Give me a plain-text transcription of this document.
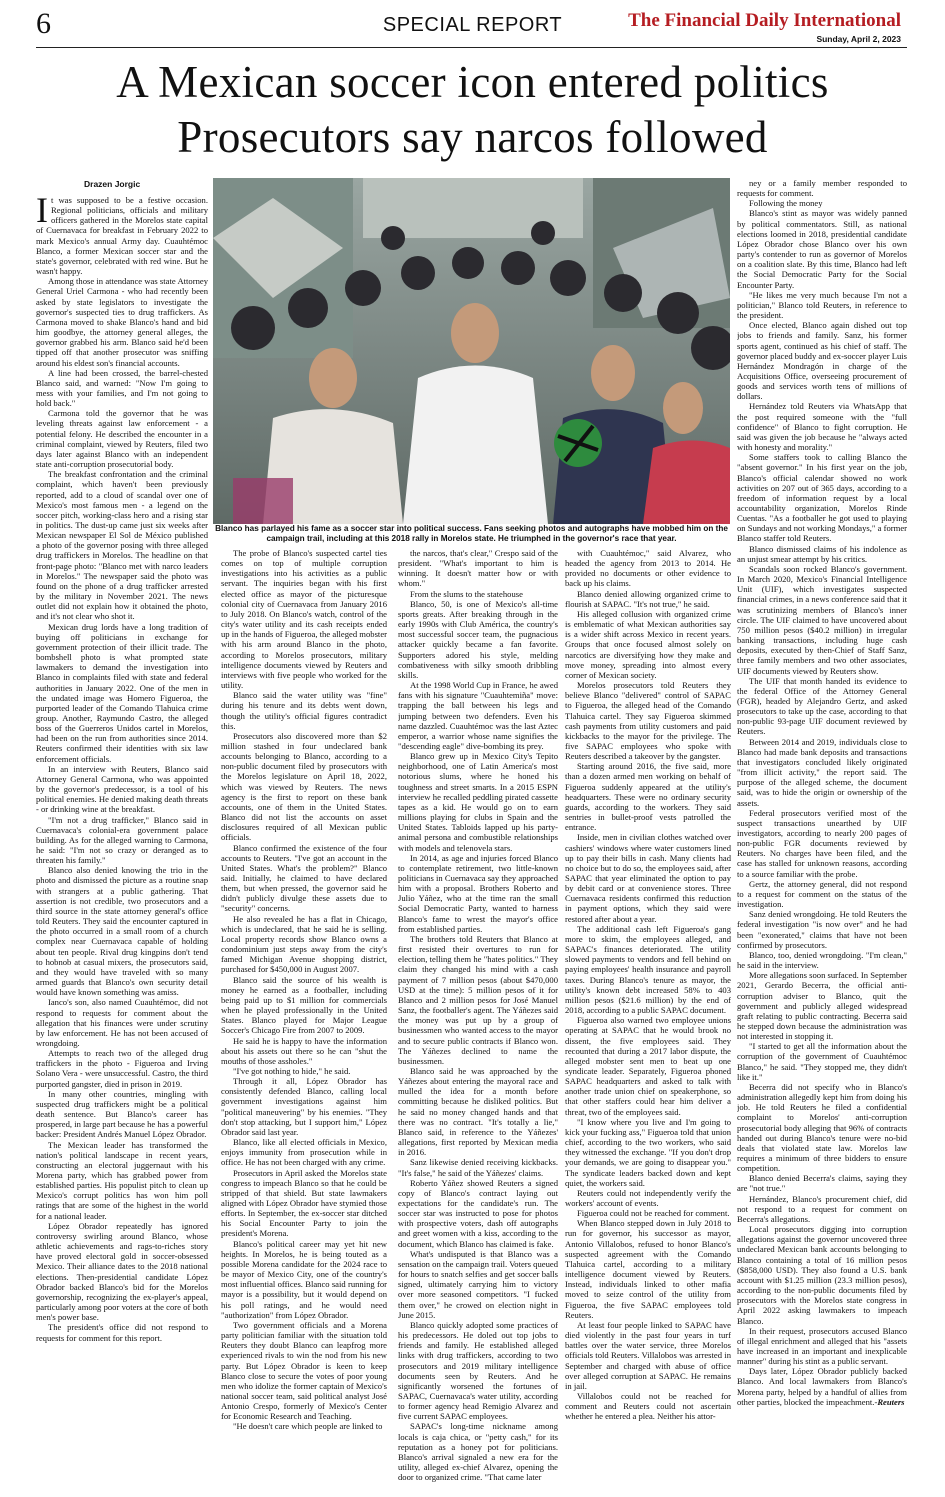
6	SPECIAL REPORT	The Financial Daily International
Sunday, April 2, 2023
A Mexican soccer icon entered politics
Prosecutors say narcos followed
Drazen Jorgic
Blanco has parlayed his fame as a soccer star into political success. Fans seeking photos and autographs have mobbed him on the campaign trail, including at this 2018 rally in Morelos state. He triumphed in the governor's race that year.

It was supposed to be a festive occasion. Regional politicians, officials and military officers gathered in the Morelos state capital of Cuernavaca for breakfast in February 2022 to mark Mexico's annual Army day. Cuauhtémoc Blanco, a former Mexican soccer star and the state's governor, celebrated with red wine. But he wasn't happy.

Among those in attendance was state Attorney General Uriel Carmona - who had recently been asked by state legislators to investigate the governor's suspected ties to drug traffickers. As Carmona moved to shake Blanco's hand and bid him goodbye, the attorney general alleges, the governor grabbed his arm. Blanco said he'd been tipped off that another prosecutor was sniffing around his eldest son's financial accounts.

A line had been crossed, the barrel-chested Blanco said, and warned: "Now I'm going to mess with your families, and I'm not going to hold back."

Carmona told the governor that he was leveling threats against law enforcement - a potential felony. He described the encounter in a criminal complaint, viewed by Reuters, filed two days later against Blanco with an independent state anti-corruption prosecutorial body.

The breakfast confrontation and the criminal complaint, which haven't been previously reported, add to a cloud of scandal over one of Mexico's most famous men - a legend on the soccer pitch, working-class hero and a rising star in politics. The dust-up came just six weeks after Mexican newspaper El Sol de México published a photo of the governor posing with three alleged drug traffickers in Morelos. The headline on that front-page photo: "Blanco met with narco leaders in Morelos." The newspaper said the photo was found on the phone of a drug trafficker arrested by the military in November 2021. The news outlet did not explain how it obtained the photo, and it's not clear who shot it.

Mexican drug lords have a long tradition of buying off politicians in exchange for government protection of their illicit trade. The bombshell photo is what prompted state lawmakers to demand the investigation into Blanco in complaints filed with state and federal authorities in January 2022. One of the men in the undated image was Homero Figueroa, the purported leader of the Comando Tlahuica crime group. Another, Raymundo Castro, the alleged boss of the Guerreros Unidos cartel in Morelos, had been on the run from authorities since 2014. Reuters confirmed their identities with six law enforcement officials.

In an interview with Reuters, Blanco said Attorney General Carmona, who was appointed by the governor's predecessor, is a tool of his political enemies. He denied making death threats - or drinking wine at the breakfast.

"I'm not a drug trafficker," Blanco said in Cuernavaca's colonial-era government palace building. As for the alleged warning to Carmona, he said: "I'm not so crazy or deranged as to threaten his family."

Blanco also denied knowing the trio in the photo and dismissed the picture as a routine snap with strangers at a public gathering. That assertion is not credible, two prosecutors and a third source in the state attorney general's office told Reuters. They said the encounter captured in the photo occurred in a small room of a church complex near Cuernavaca capable of holding about ten people. Rival drug kingpins don't tend to hobnob at casual mixers, the prosecutors said, and they would have traveled with so many armed guards that Blanco's own security detail would have known something was amiss.

Ianco's son, also named Cuauhtémoc, did not respond to requests for comment about the allegation that his finances were under scrutiny by law enforcement. He has not been accused of wrongdoing.

Attempts to reach two of the alleged drug traffickers in the photo - Figueroa and Irving Solano Vera - were unsuccessful. Castro, the third purported gangster, died in prison in 2019.

In many other countries, mingling with suspected drug traffickers might be a political death sentence. But Blanco's career has prospered, in large part because he has a powerful backer: President Andrés Manuel López Obrador.

The Mexican leader has transformed the nation's political landscape in recent years, constructing an electoral juggernaut with his Morena party, which has grabbed power from established parties. His populist pitch to clean up Mexico's corrupt politics has won him poll ratings that are some of the highest in the world for a national leader.

López Obrador repeatedly has ignored controversy swirling around Blanco, whose athletic achievements and rags-to-riches story have proved electoral gold in soccer-obsessed Mexico. Their alliance dates to the 2018 national elections. Then-presidential candidate López Obrador backed Blanco's bid for the Morelos governorship, recognizing the ex-player's appeal, particularly among poor voters at the core of both men's power base.

The president's office did not respond to requests for comment for this report.

The probe of Blanco's suspected cartel ties comes on top of multiple corruption investigations into his activities as a public servant. The inquiries began with his first elected office as mayor of the picturesque colonial city of Cuernavaca from January 2016 to July 2018. On Blanco's watch, control of the city's water utility and its cash receipts ended up in the hands of Figueroa, the alleged mobster with his arm around Blanco in the photo, according to Morelos prosecutors, military intelligence documents viewed by Reuters and interviews with five people who worked for the utility.

Blanco said the water utility was "fine" during his tenure and its debts went down, though the utility's official figures contradict this.

Prosecutors also discovered more than $2 million stashed in four undeclared bank accounts belonging to Blanco, according to a non-public document filed by prosecutors with the Morelos legislature on April 18, 2022, which was viewed by Reuters. The news agency is the first to report on these bank accounts, one of them in the United States. Blanco did not list the accounts on asset disclosures required of all Mexican public officials.

Blanco confirmed the existence of the four accounts to Reuters. "I've got an account in the United States. What's the problem?" Blanco said. Initially, he claimed to have declared them, but when pressed, the governor said he didn't publicly divulge these assets due to "security" concerns.

He also revealed he has a flat in Chicago, which is undeclared, that he said he is selling. Local property records show Blanco owns a condominium just steps away from the city's famed Michigan Avenue shopping district, purchased for $450,000 in August 2007.

Blanco said the source of his wealth is money he earned as a footballer, including being paid up to $1 million for commercials when he played professionally in the United States. Blanco played for Major League Soccer's Chicago Fire from 2007 to 2009.

He said he is happy to have the information about his assets out there so he can "shut the mouths of those assholes."

"I've got nothing to hide," he said.

Through it all, López Obrador has consistently defended Blanco, calling local government investigations against him "political maneuvering" by his enemies. "They don't stop attacking, but I support him," López Obrador said last year.

Blanco, like all elected officials in Mexico, enjoys immunity from prosecution while in office. He has not been charged with any crime.

Prosecutors in April asked the Morelos state congress to impeach Blanco so that he could be stripped of that shield. But state lawmakers aligned with López Obrador have stymied those efforts. In September, the ex-soccer star ditched his Social Encounter Party to join the president's Morena.

Blanco's political career may yet hit new heights. In Morelos, he is being touted as a possible Morena candidate for the 2024 race to be mayor of Mexico City, one of the country's most influential offices. Blanco said running for mayor is a possibility, but it would depend on his poll ratings, and he would need "authorization" from López Obrador.

Two government officials and a Morena party politician familiar with the situation told Reuters they doubt Blanco can leapfrog more experienced rivals to win the nod from his new party. But López Obrador is keen to keep Blanco close to secure the votes of poor young men who idolize the former captain of Mexico's national soccer team, said political analyst José Antonio Crespo, formerly of Mexico's Center for Economic Research and Teaching.

"He doesn't care which people are linked to

the narcos, that's clear," Crespo said of the president. "What's important to him is winning. It doesn't matter how or with whom."

From the slums to the statehouse

Blanco, 50, is one of Mexico's all-time sports greats. After breaking through in the early 1990s with Club América, the country's most successful soccer team, the pugnacious attacker quickly became a fan favorite. Supporters adored his style, melding combativeness with silky smooth dribbling skills.

At the 1998 World Cup in France, he awed fans with his signature "Cuauhtemiña" move: trapping the ball between his legs and jumping between two defenders. Even his name dazzled. Cuauhtémoc was the last Aztec emperor, a warrior whose name signifies the "descending eagle" dive-bombing its prey.

Blanco grew up in Mexico City's Tepito neighborhood, one of Latin America's most notorious slums, where he honed his toughness and street smarts. In a 2015 ESPN interview he recalled peddling pirated cassette tapes as a kid. He would go on to earn millions playing for clubs in Spain and the United States. Tabloids lapped up his party-animal persona and combustible relationships with models and telenovela stars.

In 2014, as age and injuries forced Blanco to contemplate retirement, two little-known politicians in Cuernavaca say they approached him with a proposal. Brothers Roberto and Julio Yáñez, who at the time ran the small Social Democratic Party, wanted to harness Blanco's fame to wrest the mayor's office from established parties.

The brothers told Reuters that Blanco at first resisted their overtures to run for election, telling them he "hates politics." They claim they changed his mind with a cash payment of 7 million pesos (about $470,000 USD at the time): 5 million pesos of it for Blanco and 2 million pesos for José Manuel Sanz, the footballer's agent. The Yáñezes said the money was put up by a group of businessmen who wanted access to the mayor and to secure public contracts if Blanco won. The Yáñezes declined to name the businessmen.

Blanco said he was approached by the Yáñezes about entering the mayoral race and mulled the idea for a month before committing because he disliked politics. But he said no money changed hands and that there was no contract. "It's totally a lie," Blanco said, in reference to the Yáñezes' allegations, first reported by Mexican media in 2016.

Sanz likewise denied receiving kickbacks. "It's false," he said of the Yáñezes' claims.

Roberto Yáñez showed Reuters a signed copy of Blanco's contract laying out expectations for the candidate's run. The soccer star was instructed to pose for photos with prospective voters, dash off autographs and greet women with a kiss, according to the document, which Blanco has claimed is fake.

What's undisputed is that Blanco was a sensation on the campaign trail. Voters queued for hours to snatch selfies and get soccer balls signed, ultimately carrying him to victory over more seasoned competitors. "I fucked them over," he crowed on election night in June 2015.

Blanco quickly adopted some practices of his predecessors. He doled out top jobs to friends and family. He established alleged links with drug traffickers, according to two prosecutors and 2019 military intelligence documents seen by Reuters. And he significantly worsened the fortunes of SAPAC, Cuernavaca's water utility, according to former agency head Remigio Alvarez and five current SAPAC employees.

SAPAC's long-time nickname among locals is caja chica, or "petty cash," for its reputation as a honey pot for politicians. Blanco's arrival signaled a new era for the utility, alleged ex-chief Alvarez, opening the door to organized crime. "That came later

with Cuauhtémoc," said Alvarez, who headed the agency from 2013 to 2014. He provided no documents or other evidence to back up his claims.

Blanco denied allowing organized crime to flourish at SAPAC. "It's not true," he said.

His alleged collusion with organized crime is emblematic of what Mexican authorities say is a wider shift across Mexico in recent years. Groups that once focused almost solely on narcotics are diversifying how they make and move money, spreading into almost every corner of Mexican society.

Morelos prosecutors told Reuters they believe Blanco "delivered" control of SAPAC to Figueroa, the alleged head of the Comando Tlahuica cartel. They say Figueroa skimmed cash payments from utility customers and paid kickbacks to the mayor for the privilege. The five SAPAC employees who spoke with Reuters described a takeover by the gangster.

Starting around 2016, the five said, more than a dozen armed men working on behalf of Figueroa suddenly appeared at the utility's headquarters. These were no ordinary security guards, according to the workers. They said sentries in bullet-proof vests patrolled the entrance.

Inside, men in civilian clothes watched over cashiers' windows where water customers lined up to pay their bills in cash. Many clients had no choice but to do so, the employees said, after SAPAC that year eliminated the option to pay by debit card or at convenience stores. Three Cuernavaca residents confirmed this reduction in payment options, which they said were restored after about a year.

The additional cash left Figueroa's gang more to skim, the employees alleged, and SAPAC's finances deteriorated. The utility slowed payments to vendors and fell behind on paying employees' health insurance and payroll taxes. During Blanco's tenure as mayor, the utility's known debt increased 58% to 403 million pesos ($21.6 million) by the end of 2018, according to a public SAPAC document.

Figueroa also warned two employee unions operating at SAPAC that he would brook no dissent, the five employees said. They recounted that during a 2017 labor dispute, the alleged mobster sent men to beat up one syndicate leader. Separately, Figueroa phoned SAPAC headquarters and asked to talk with another trade union chief on speakerphone, so that other staffers could hear him deliver a threat, two of the employees said.

"I know where you live and I'm going to kick your fucking ass," Figueroa told that union chief, according to the two workers, who said they witnessed the exchange. "If you don't drop your demands, we are going to disappear you." The syndicate leaders backed down and kept quiet, the workers said.

Reuters could not independently verify the workers' account of events.

Figueroa could not be reached for comment.

When Blanco stepped down in July 2018 to run for governor, his successor as mayor, Antonio Villalobos, refused to honor Blanco's suspected agreement with the Comando Tlahuica cartel, according to a military intelligence document viewed by Reuters. Instead, individuals linked to other mafia moved to seize control of the utility from Figueroa, the five SAPAC employees told Reuters.

At least four people linked to SAPAC have died violently in the past four years in turf battles over the water service, three Morelos officials told Reuters. Villalobos was arrested in September and charged with abuse of office over alleged corruption at SAPAC. He remains in jail.

Villalobos could not be reached for comment and Reuters could not ascertain whether he entered a plea. Neither his attor-

ney or a family member responded to requests for comment.

Following the money

Blanco's stint as mayor was widely panned by political commentators. Still, as national elections loomed in 2018, presidential candidate López Obrador chose Blanco over his own party's contender to run as governor of Morelos on a coalition slate. By this time, Blanco had left the Social Democratic Party for the Social Encounter Party.

"He likes me very much because I'm not a politician," Blanco told Reuters, in reference to the president.

Once elected, Blanco again dished out top jobs to friends and family. Sanz, his former sports agent, continued as his chief of staff. The governor placed buddy and ex-soccer player Luis Hernández Mondragón in charge of the Acquisitions Office, overseeing procurement of goods and services worth tens of millions of dollars.

Hernández told Reuters via WhatsApp that the post required someone with the "full confidence" of Blanco to fight corruption. He said was given the job because he "always acted with honesty and morality."

Some staffers took to calling Blanco the "absent governor." In his first year on the job, Blanco's official calendar showed no work activities on 207 out of 365 days, according to a freedom of information request by a local accountability organization, Morelos Rinde Cuentas. "As a footballer he got used to playing on Sundays and not working Mondays," a former Blanco staffer told Reuters.

Blanco dismissed claims of his indolence as an unjust smear attempt by his critics.

Scandals soon rocked Blanco's government. In March 2020, Mexico's Financial Intelligence Unit (UIF), which investigates suspected financial crimes, in a news conference said that it was scrutinizing members of Blanco's inner circle. The UIF claimed to have uncovered about 750 million pesos ($40.2 million) in irregular banking transactions, including huge cash deposits, executed by then-Chief of Staff Sanz, three family members and two other associates, UIF documents viewed by Reuters show.

The UIF that month handed its evidence to the federal Office of the Attorney General (FGR), headed by Alejandro Gertz, and asked prosecutors to take up the case, according to that non-public 93-page UIF document reviewed by Reuters.

Between 2014 and 2019, individuals close to Blanco had made bank deposits and transactions that investigators concluded likely originated "from illicit activity," the report said. The purpose of the alleged scheme, the document said, was to hide the origin or ownership of the assets.

Federal prosecutors verified most of the suspect transactions unearthed by UIF investigators, according to nearly 200 pages of non-public FGR documents reviewed by Reuters. No charges have been filed, and the case has stalled for unknown reasons, according to a source familiar with the probe.

Gertz, the attorney general, did not respond to a request for comment on the status of the investigation.

Sanz denied wrongdoing. He told Reuters the federal investigation "is now over" and he had been "exonerated," claims that have not been confirmed by prosecutors.

Blanco, too, denied wrongdoing. "I'm clean," he said in the interview.

More allegations soon surfaced. In September 2021, Gerardo Becerra, the official anti-corruption adviser to Blanco, quit the government and publicly alleged widespread graft relating to public contracting. Becerra said he stepped down because the administration was not interested in stopping it.

"I started to get all the information about the corruption of the government of Cuauhtémoc Blanco," he said. "They stopped me, they didn't like it."

Becerra did not specify who in Blanco's administration allegedly kept him from doing his job. He told Reuters he filed a confidential complaint to Morelos' anti-corruption prosecutorial body alleging that 96% of contracts handed out during Blanco's tenure were no-bid deals that violated state law. Morelos law requires a minimum of three bidders to ensure competition.

Blanco denied Becerra's claims, saying they are "not true."

Hernández, Blanco's procurement chief, did not respond to a request for comment on Becerra's allegations.

Local prosecutors digging into corruption allegations against the governor uncovered three undeclared Mexican bank accounts belonging to Blanco containing a total of 16 million pesos ($858,000 USD). They also found a U.S. bank account with $1.25 million (23.3 million pesos), according to the non-public documents filed by prosecutors with the Morelos state congress in April 2022 asking lawmakers to impeach Blanco.

In their request, prosecutors accused Blanco of illegal enrichment and alleged that his "assets have increased in an important and inexplicable manner" during his stint as a public servant.

Days later, López Obrador publicly backed Blanco. And local lawmakers from Blanco's Morena party, helped by a handful of allies from other parties, blocked the impeachment.-Reuters
